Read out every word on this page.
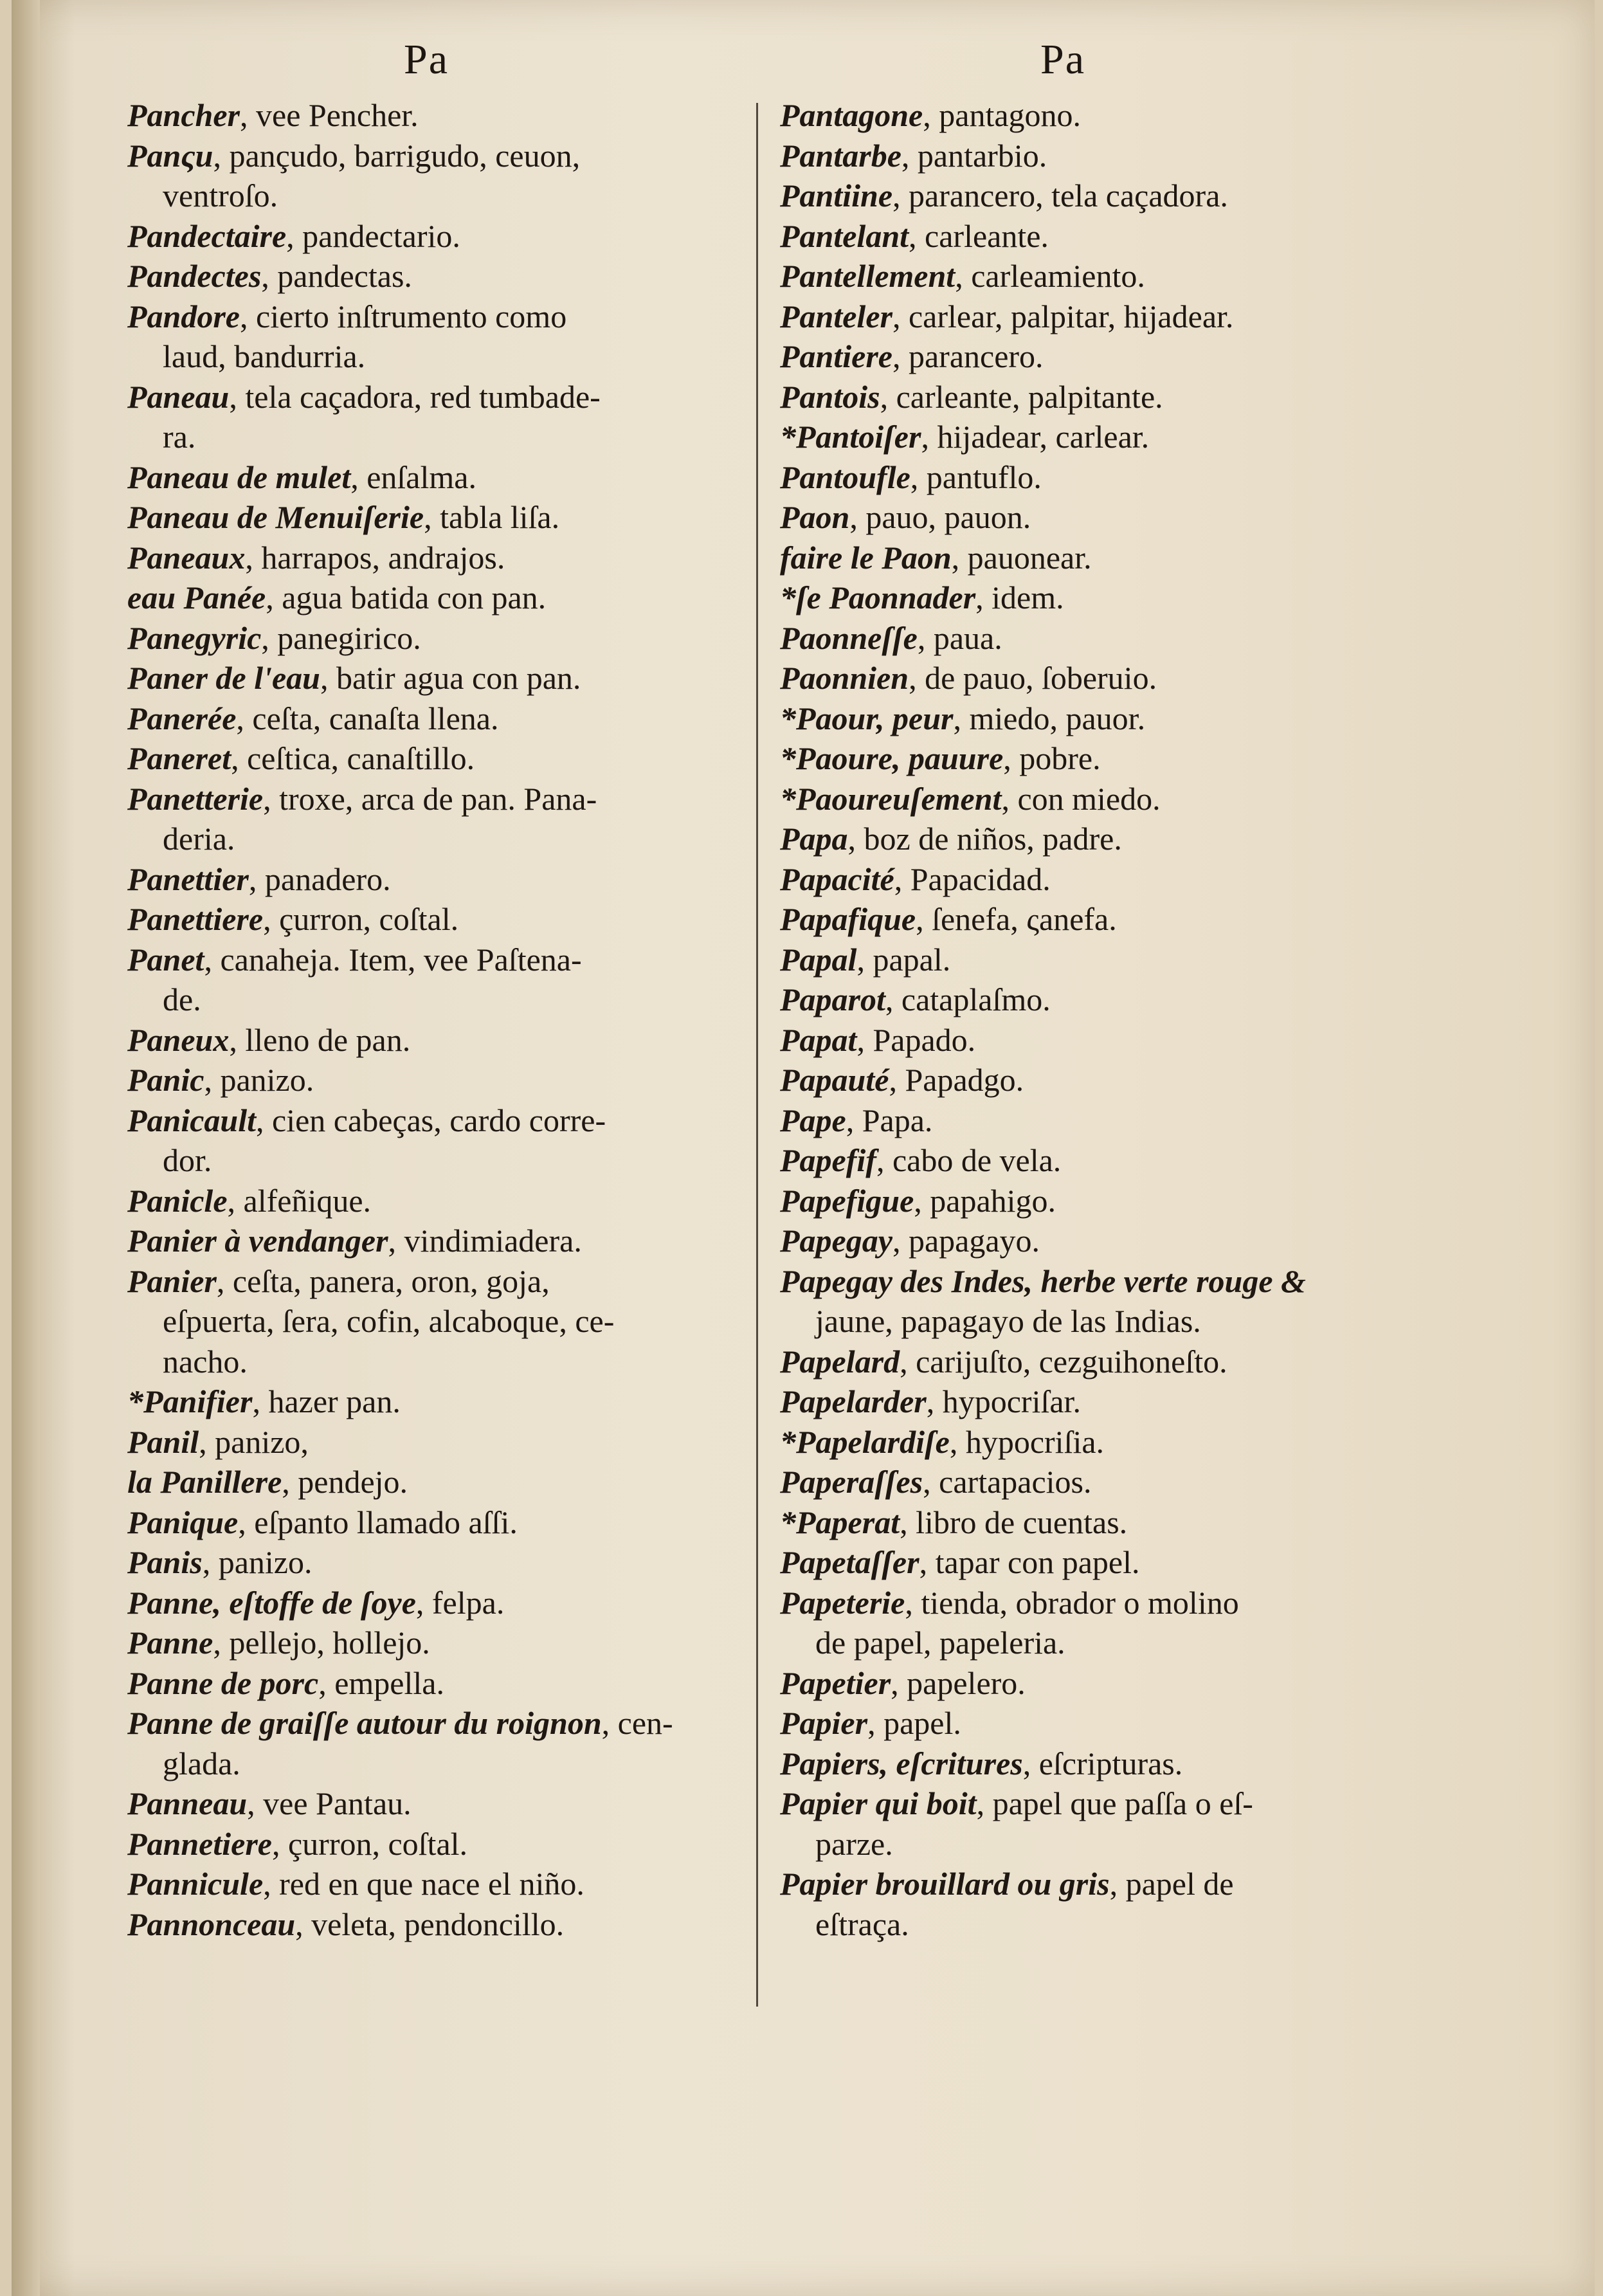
Pa	Pa
Pancher, vee Pencher.
Panςu, pançudo, barrigudo, ceuon,
ventroſo.
Pandectaire, pandectario.
Pandectes, pandectas.
Pandore, cierto inſtrumento como
laud, bandurria.
Paneau, tela caçadora, red tumbade-
ra.
Paneau de mulet, enſalma.
Paneau de Menuiſerie, tabla liſa.
Paneaux, harrapos, andrajos.
eau Panée, agua batida con pan.
Panegyric, panegirico.
Paner de l'eau, batir agua con pan.
Panerée, ceſta, canaſta llena.
Paneret, ceſtica, canaſtillo.
Panetterie, troxe, arca de pan. Pana-
deria.
Panettier, panadero.
Panettiere, çurron, coſtal.
Panet, canaheja. Item, vee Paſtena-
de.
Paneux, lleno de pan.
Panic, panizo.
Panicault, cien cabeças, cardo corre-
dor.
Panicle, alfeñique.
Panier à vendanger, vindimiadera.
Panier, ceſta, panera, oron, goja,
eſpuerta, ſera, cofin, alcaboque, ce-
nacho.
*Panifier, hazer pan.
Panil, panizo,
la Panillere, pendejo.
Panique, eſpanto llamado aſſi.
Panis, panizo.
Panne, eſtoffe de ſoye, felpa.
Panne, pellejo, hollejo.
Panne de porc, empella.
Panne de graiſſe autour du roignon, cen-
glada.
Panneau, vee Pantau.
Pannetiere, çurron, coſtal.
Pannicule, red en que nace el niño.
Pannonceau, veleta, pendoncillo.
Pantagone, pantagono.
Pantarbe, pantarbio.
Pantiine, parancero, tela caçadora.
Pantelant, carleante.
Pantellement, carleamiento.
Panteler, carlear, palpitar, hijadear.
Pantiere, parancero.
Pantois, carleante, palpitante.
*Pantoiſer, hijadear, carlear.
Pantoufle, pantuflo.
Paon, pauo, pauon.
faire le Paon, pauonear.
*ſe Paonnader, idem.
Paonneſſe, paua.
Paonnien, de pauo, ſoberuio.
*Paour, peur, miedo, pauor.
*Paoure, pauure, pobre.
*Paoureuſement, con miedo.
Papa, boz de niños, padre.
Papacité, Papacidad.
Papafique, ſenefa, ςanefa.
Papal, papal.
Paparot, cataplaſmo.
Papat, Papado.
Papauté, Papadgo.
Pape, Papa.
Papefif, cabo de vela.
Papefigue, papahigo.
Papegay, papagayo.
Papegay des Indes, herbe verte rouge &
jaune, papagayo de las Indias.
Papelard, carijuſto, cezguihoneſto.
Papelarder, hypocriſar.
*Papelardiſe, hypocriſia.
Paperaſſes, cartapacios.
*Paperat, libro de cuentas.
Papetaſſer, tapar con papel.
Papeterie, tienda, obrador o molino
de papel, papeleria.
Papetier, papelero.
Papier, papel.
Papiers, eſcritures, eſcripturas.
Papier qui boit, papel que paſſa o eſ-
parze.
Papier brouillard ou gris, papel de
eſtraça.
